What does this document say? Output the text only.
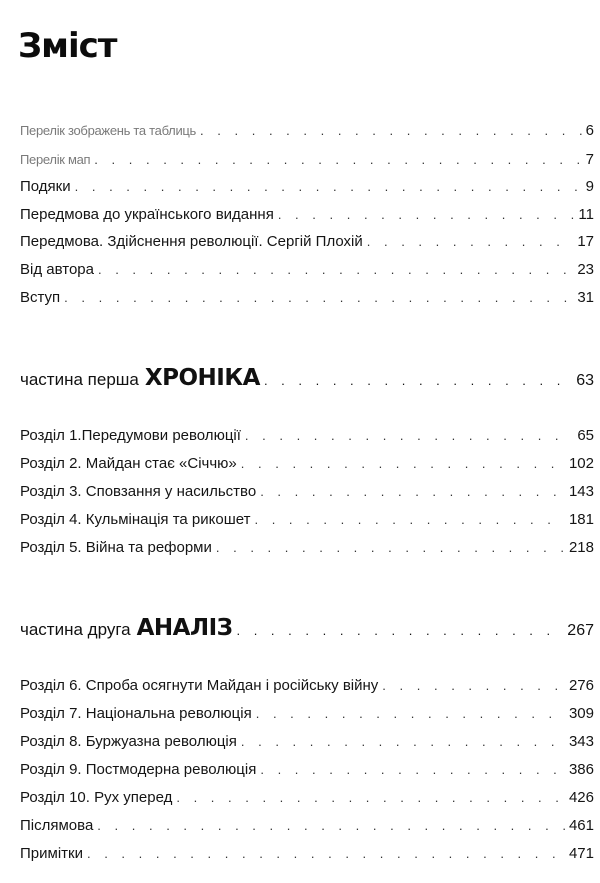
Зміст
Перелік зображень та таблиць . . .	6
Перелік мап . . .	7
Подяки . . .	9
Передмова до українського видання . . .	11
Передмова. Здійснення революції. Сергій Плохій . . .	17
Від автора . . .	23
Вступ . . .	31
частина перша ХРОНІКА . . .	63
Розділ 1.Передумови революції . . .	65
Розділ 2. Майдан стає «Січчю» . . .	102
Розділ 3. Сповзання у насильство . . .	143
Розділ 4. Кульмінація та рикошет . . .	181
Розділ 5. Війна та реформи . . .	218
частина друга АНАЛІЗ . . .	267
Розділ 6. Спроба осягнути Майдан і російську війну . . .	276
Розділ 7. Національна революція . . .	309
Розділ 8. Буржуазна революція . . .	343
Розділ 9. Постмодерна революція . . .	386
Розділ 10. Рух уперед . . .	426
Післямова . . .	461
Примітки . . .	471
